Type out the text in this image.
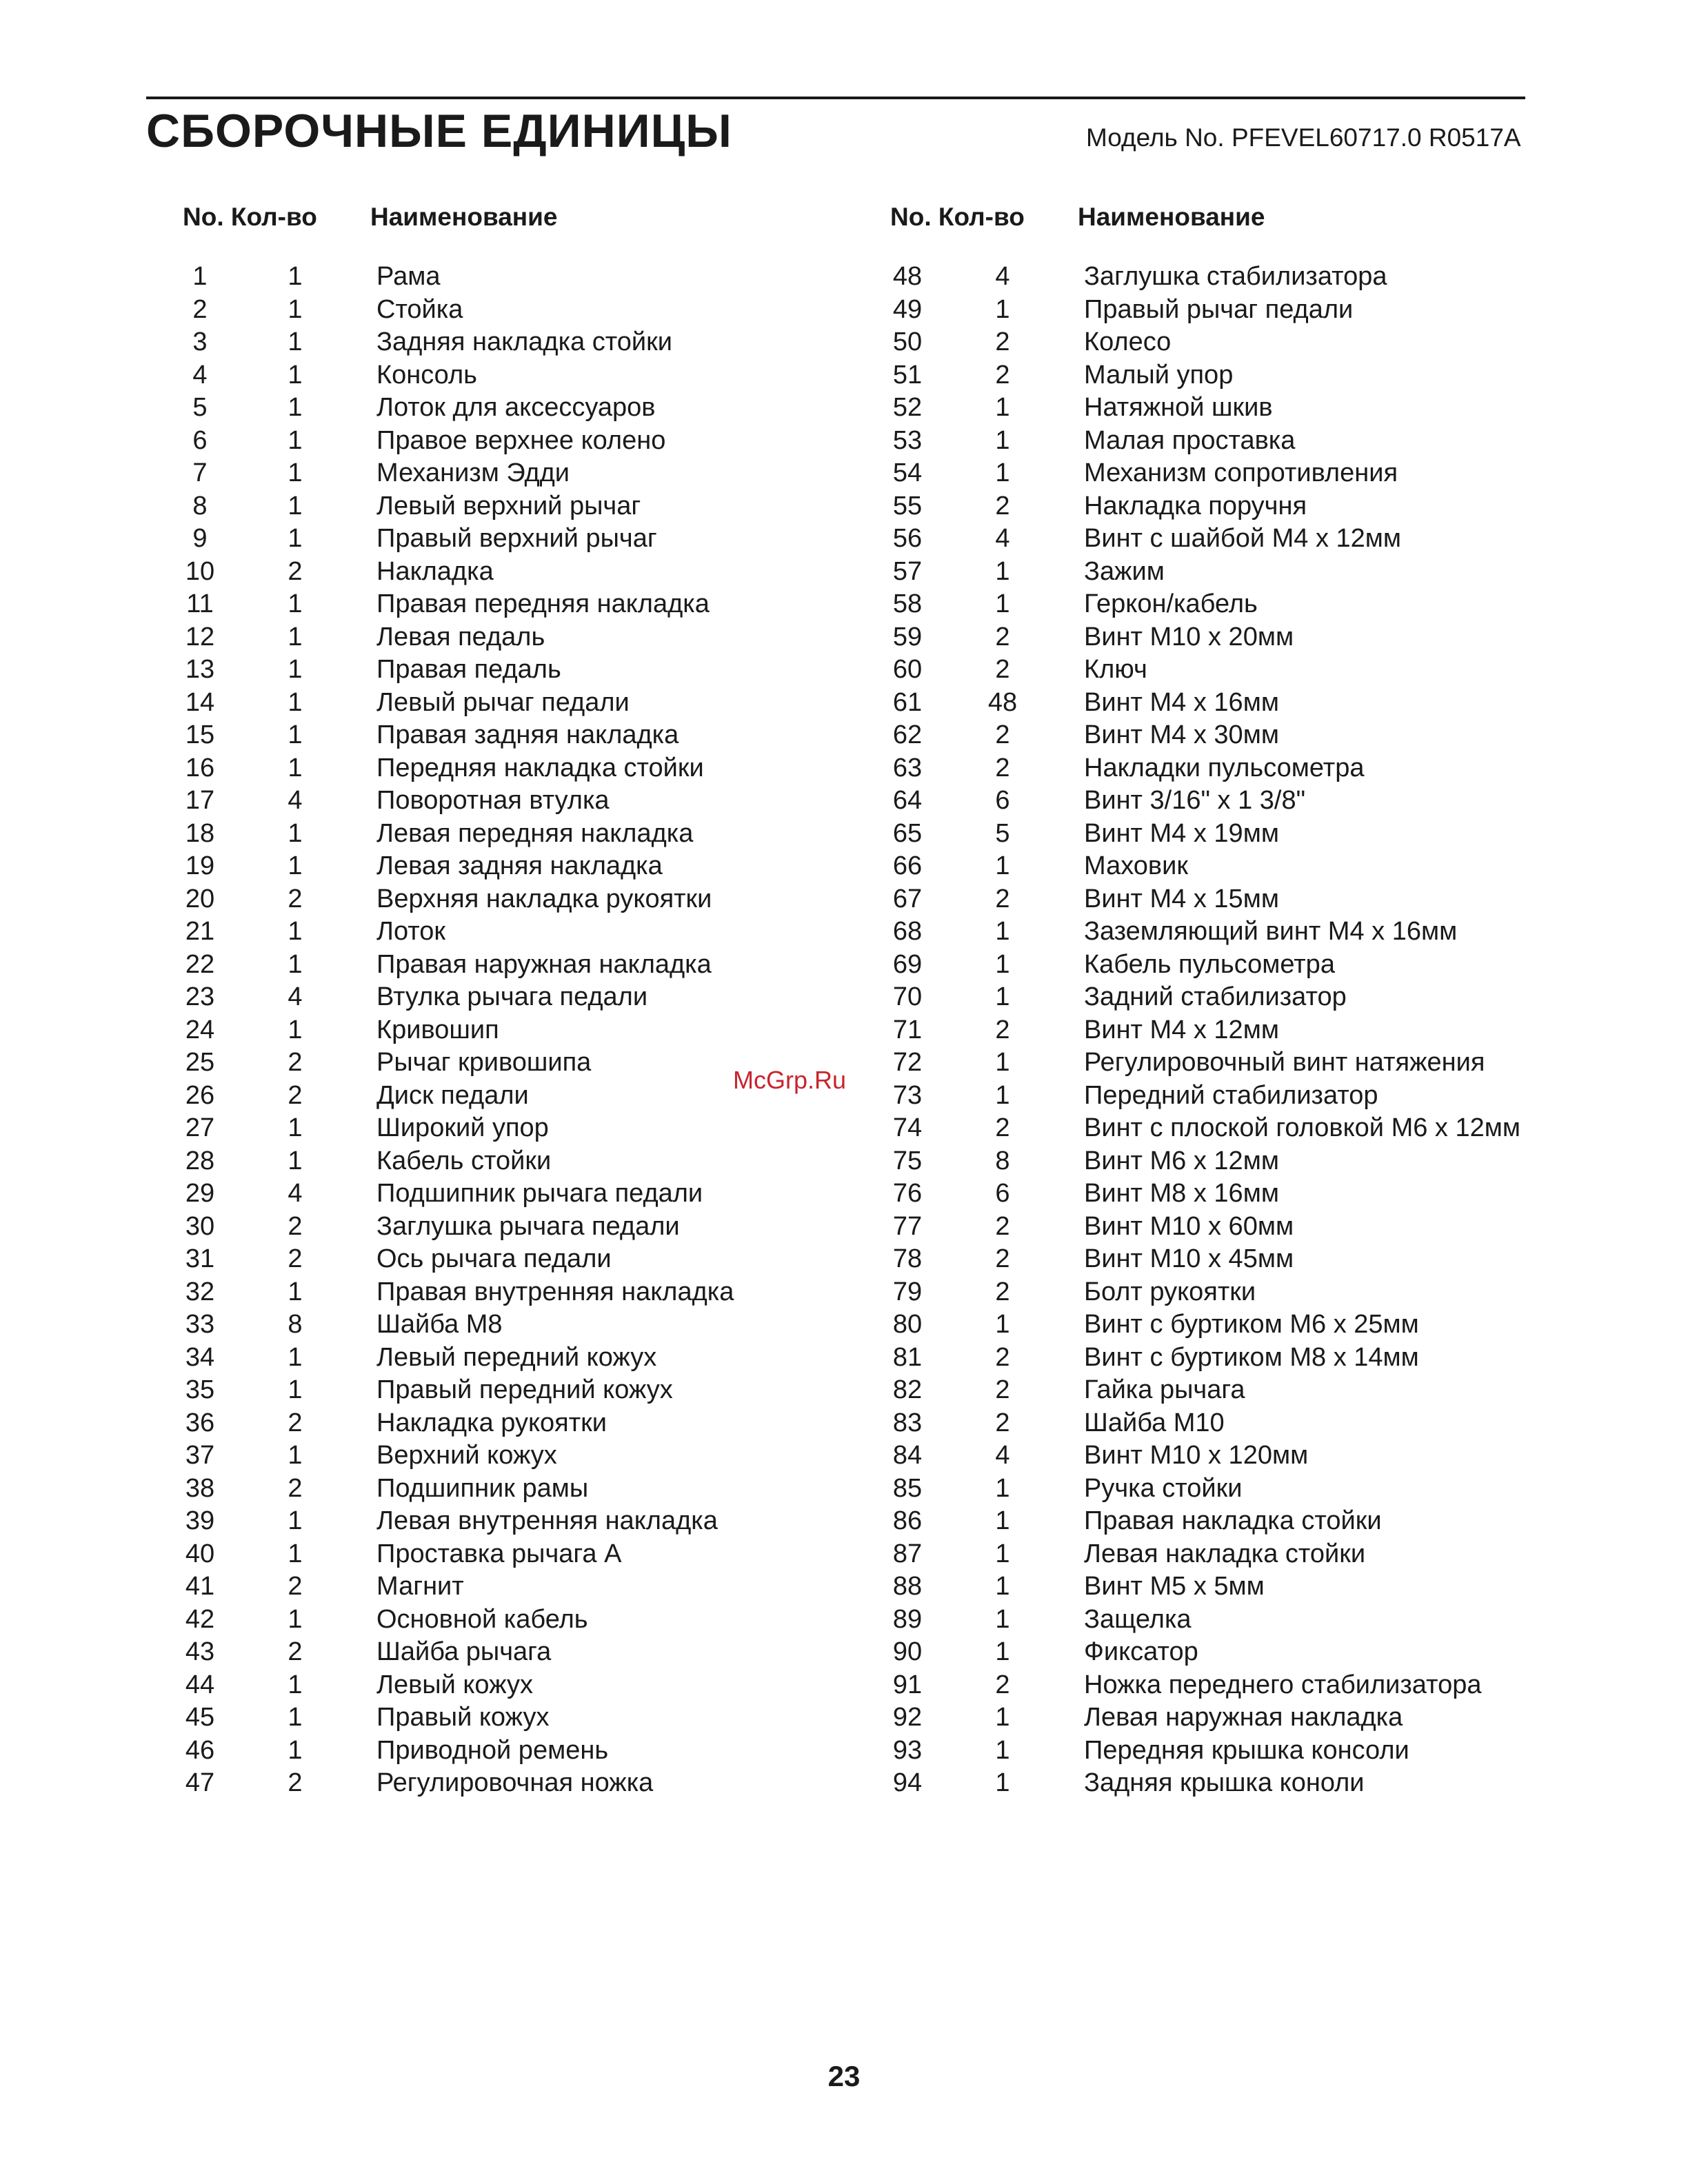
СБОРОЧНЫЕ ЕДИНИЦЫ	Модель No. PFEVEL60717.0 R0517A
No. Кол-во Наименование
1	1	Рама
2	1	Стойка
3	1	Задняя накладка стойки
4	1	Консоль
5	1	Лоток для аксессуаров
6	1	Правое верхнее колено
7	1	Механизм Эдди
8	1	Левый верхний рычаг
9	1	Правый верхний рычаг
10	2	Накладка
11	1	Правая передняя накладка
12	1	Левая педаль
13	1	Правая педаль
14	1	Левый рычаг педали
15	1	Правая задняя накладка
16	1	Передняя накладка стойки
17	4	Поворотная втулка
18	1	Левая передняя накладка
19	1	Левая задняя накладка
20	2	Верхняя накладка рукоятки
21	1	Лоток
22	1	Правая наружная накладка
23	4	Втулка рычага педали
24	1	Кривошип
25	2	Рычаг кривошипа
26	2	Диск педали
27	1	Широкий упор
28	1	Кабель стойки
29	4	Подшипник рычага педали
30	2	Заглушка рычага педали
31	2	Ось рычага педали
32	1	Правая внутренняя накладка
33	8	Шайба М8
34	1	Левый передний кожух
35	1	Правый передний кожух
36	2	Накладка рукоятки
37	1	Верхний кожух
38	2	Подшипник рамы
39	1	Левая внутренняя накладка
40	1	Проставка рычага А
41	2	Магнит
42	1	Основной кабель
43	2	Шайба рычага
44	1	Левый кожух
45	1	Правый кожух
46	1	Приводной ремень
47	2	Регулировочная ножка
No. Кол-во Наименование
48	4	Заглушка стабилизатора
49	1	Правый рычаг педали
50	2	Колесо
51	2	Малый упор
52	1	Натяжной шкив
53	1	Малая проставка
54	1	Механизм сопротивления
55	2	Накладка поручня
56	4	Винт с шайбой М4 х 12мм
57	1	Зажим
58	1	Геркон/кабель
59	2	Винт М10 х 20мм
60	2	Ключ
61	48	Винт М4 х 16мм
62	2	Винт М4 х 30мм
63	2	Накладки пульсометра
64	6	Винт 3/16" х 1 3/8"
65	5	Винт М4 х 19мм
66	1	Маховик
67	2	Винт М4 х 15мм
68	1	Заземляющий винт М4 х 16мм
69	1	Кабель пульсометра
70	1	Задний стабилизатор
71	2	Винт М4 х 12мм
72	1	Регулировочный винт натяжения
73	1	Передний стабилизатор
74	2	Винт с плоской головкой М6 х 12мм
75	8	Винт М6 х 12мм
76	6	Винт М8 х 16мм
77	2	Винт М10 х 60мм
78	2	Винт М10 х 45мм
79	2	Болт рукоятки
80	1	Винт с буртиком М6 х 25мм
81	2	Винт с буртиком М8 х 14мм
82	2	Гайка рычага
83	2	Шайба М10
84	4	Винт М10 х 120мм
85	1	Ручка стойки
86	1	Правая накладка стойки
87	1	Левая накладка стойки
88	1	Винт М5 х 5мм
89	1	Защелка
90	1	Фиксатор
91	2	Ножка переднего стабилизатора
92	1	Левая наружная накладка
93	1	Передняя крышка консоли
94	1	Задняя крышка коноли
McGrp.Ru
23
